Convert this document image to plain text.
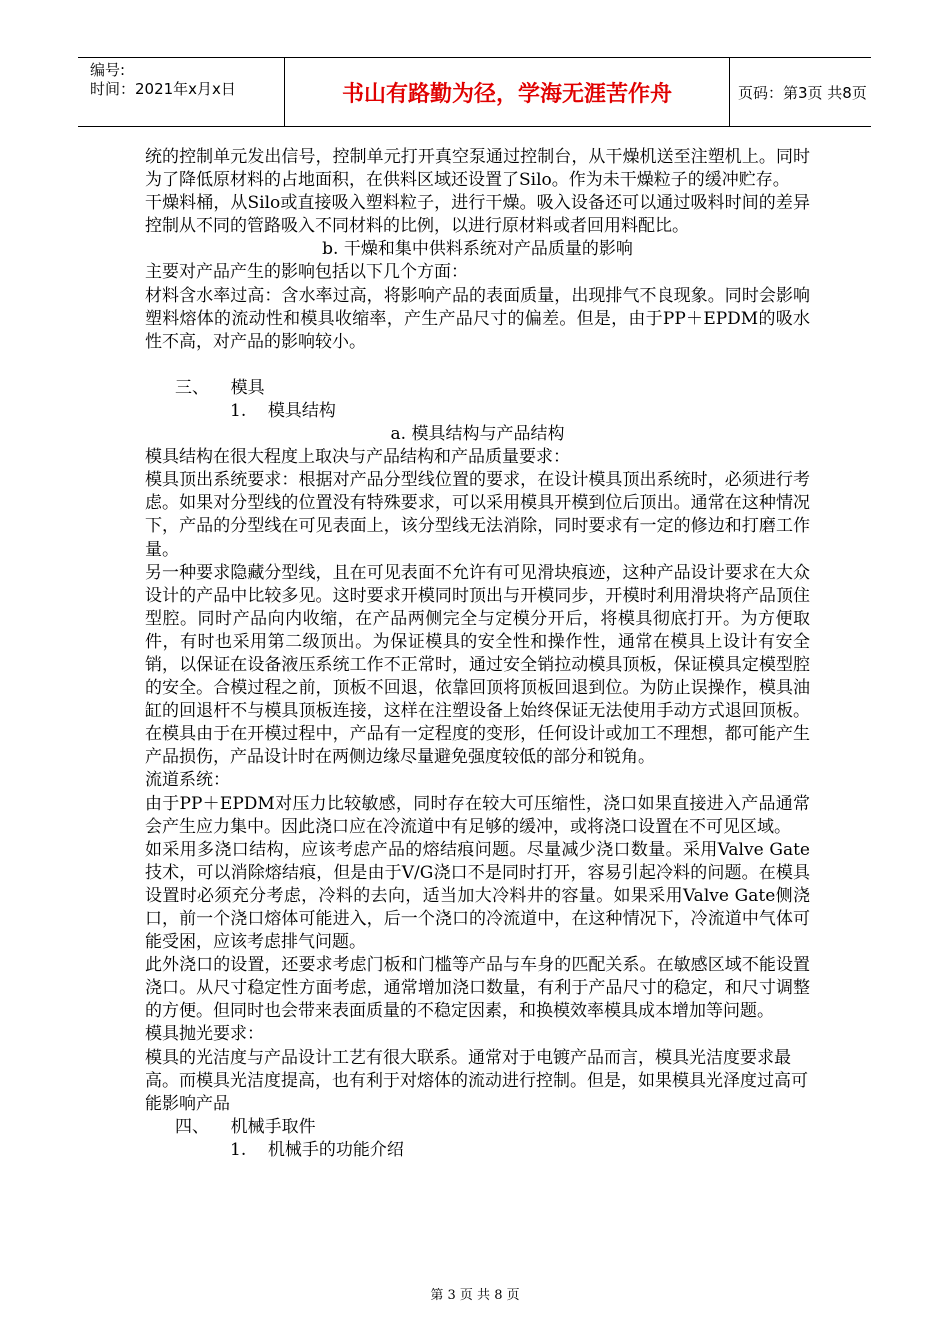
编号:
时间：2021年x月x日	书山有路勤为径，学海无涯苦作舟	页码：第3页 共8页

统的控制单元发出信号，控制单元打开真空泵通过控制台，从干燥机送至注塑机上。同时为了降低原材料的占地面积，在供料区域还设置了Silo。作为未干燥粒子的缓冲贮存。

干燥料桶，从Silo或直接吸入塑料粒子，进行干燥。吸入设备还可以通过吸料时间的差异控制从不同的管路吸入不同材料的比例，以进行原材料或者回用料配比。

b. 干燥和集中供料系统对产品质量的影响

主要对产品产生的影响包括以下几个方面：

材料含水率过高：含水率过高，将影响产品的表面质量，出现排气不良现象。同时会影响塑料熔体的流动性和模具收缩率，产生产品尺寸的偏差。但是，由于PP＋EPDM的吸水性不高，对产品的影响较小。

三、    模具

1.    模具结构

a. 模具结构与产品结构

模具结构在很大程度上取决与产品结构和产品质量要求：

模具顶出系统要求：根据对产品分型线位置的要求，在设计模具顶出系统时，必须进行考虑。如果对分型线的位置没有特殊要求，可以采用模具开模到位后顶出。通常在这种情况下，产品的分型线在可见表面上，该分型线无法消除，同时要求有一定的修边和打磨工作量。

另一种要求隐藏分型线，且在可见表面不允许有可见滑块痕迹，这种产品设计要求在大众设计的产品中比较多见。这时要求开模同时顶出与开模同步，开模时利用滑块将产品顶住型腔。同时产品向内收缩，在产品两侧完全与定模分开后，将模具彻底打开。为方便取件，有时也采用第二级顶出。为保证模具的安全性和操作性，通常在模具上设计有安全销，以保证在设备液压系统工作不正常时，通过安全销拉动模具顶板，保证模具定模型腔的安全。合模过程之前，顶板不回退，依靠回顶将顶板回退到位。为防止误操作，模具油缸的回退杆不与模具顶板连接，这样在注塑设备上始终保证无法使用手动方式退回顶板。在模具由于在开模过程中，产品有一定程度的变形，任何设计或加工不理想，都可能产生产品损伤，产品设计时在两侧边缘尽量避免强度较低的部分和锐角。

流道系统：

由于PP＋EPDM对压力比较敏感，同时存在较大可压缩性，浇口如果直接进入产品通常会产生应力集中。因此浇口应在冷流道中有足够的缓冲，或将浇口设置在不可见区域。

如采用多浇口结构，应该考虑产品的熔结痕问题。尽量减少浇口数量。采用Valve Gate技术，可以消除熔结痕，但是由于V/G浇口不是同时打开，容易引起冷料的问题。在模具设置时必须充分考虑，冷料的去向，适当加大冷料井的容量。如果采用Valve Gate侧浇口，前一个浇口熔体可能进入，后一个浇口的冷流道中，在这种情况下，冷流道中气体可能受困，应该考虑排气问题。

此外浇口的设置，还要求考虑门板和门槛等产品与车身的匹配关系。在敏感区域不能设置浇口。从尺寸稳定性方面考虑，通常增加浇口数量，有利于产品尺寸的稳定，和尺寸调整的方便。但同时也会带来表面质量的不稳定因素，和换模效率模具成本增加等问题。

模具抛光要求：

模具的光洁度与产品设计工艺有很大联系。通常对于电镀产品而言，模具光洁度要求最高。而模具光洁度提高，也有利于对熔体的流动进行控制。但是，如果模具光泽度过高可能影响产品

四、    机械手取件

1.    机械手的功能介绍

第 3 页 共 8 页
